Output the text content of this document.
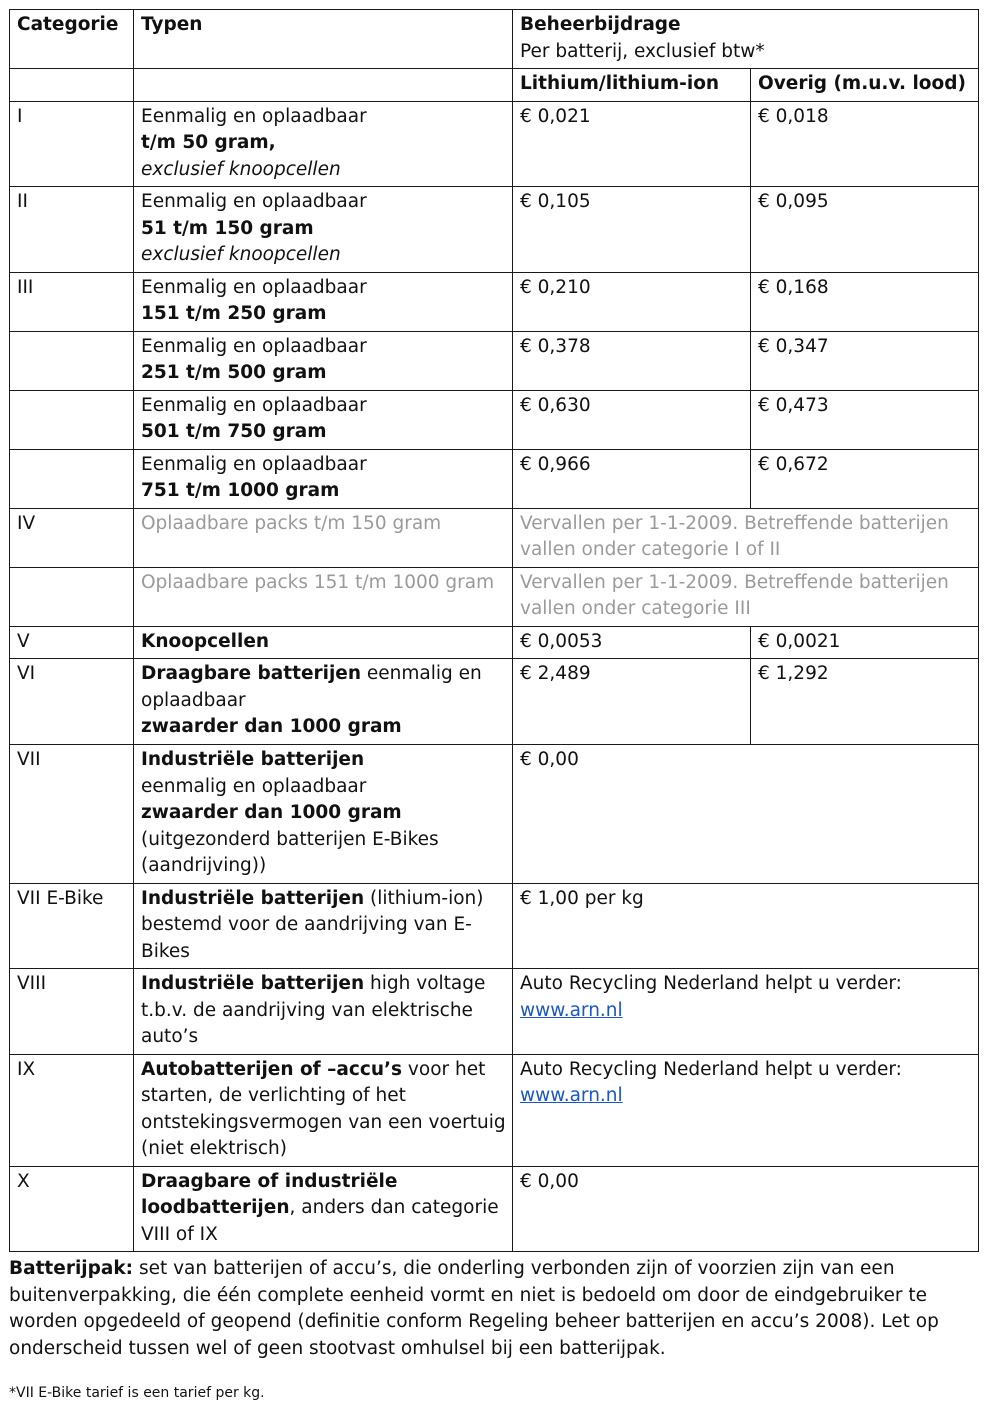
Categorie	Typen	Beheerbijdrage
Per batterij, exclusief btw*	

		Lithium/lithium-ion	Overig (m.u.v. lood)
I	Eenmalig en oplaadbaar
t/m 50 gram,
exclusief knoopcellen	€ 0,021	€ 0,018
II	Eenmalig en oplaadbaar
51 t/m 150 gram
exclusief knoopcellen	€ 0,105	€ 0,095
III	Eenmalig en oplaadbaar
151 t/m 250 gram	€ 0,210	€ 0,168

	Eenmalig en oplaadbaar
251 t/m 500 gram	€ 0,378	€ 0,347

	Eenmalig en oplaadbaar
501 t/m 750 gram	€ 0,630	€ 0,473

	Eenmalig en oplaadbaar
751 t/m 1000 gram	€ 0,966	€ 0,672
IV	Oplaadbare packs t/m 150 gram	Vervallen per 1-1-2009. Betreffende batterijen vallen onder categorie I of II	
	Oplaadbare packs 151 t/m 1000 gram	Vervallen per 1-1-2009. Betreffende batterijen vallen onder categorie III	
V	Knoopcellen	€ 0,0053	€ 0,0021
VI	Draagbare batterijen eenmalig en oplaadbaar
zwaarder dan 1000 gram	€ 2,489	€ 1,292
VII	Industriële batterijen
eenmalig en oplaadbaar
zwaarder dan 1000 gram
(uitgezonderd batterijen E-Bikes (aandrijving))	€ 0,00	
VII E-Bike	Industriële batterijen (lithium-ion) bestemd voor de aandrijving van E-Bikes	€ 1,00 per kg	
VIII	Industriële batterijen high voltage t.b.v. de aandrijving van elektrische auto’s	Auto Recycling Nederland helpt u verder:
www.arn.nl	
IX	Autobatterijen of –accu’s voor het starten, de verlichting of het ontstekingsvermogen van een voertuig (niet elektrisch)	Auto Recycling Nederland helpt u verder:
www.arn.nl	
X	Draagbare of industriële loodbatterijen, anders dan categorie VIII of IX	€ 0,00	

Batterijpak: set van batterijen of accu’s, die onderling verbonden zijn of voorzien zijn van een buitenverpakking, die één complete eenheid vormt en niet is bedoeld om door de eindgebruiker te worden opgedeeld of geopend (definitie conform Regeling beheer batterijen en accu’s 2008). Let op onderscheid tussen wel of geen stootvast omhulsel bij een batterijpak.

*VII E-Bike tarief is een tarief per kg.
